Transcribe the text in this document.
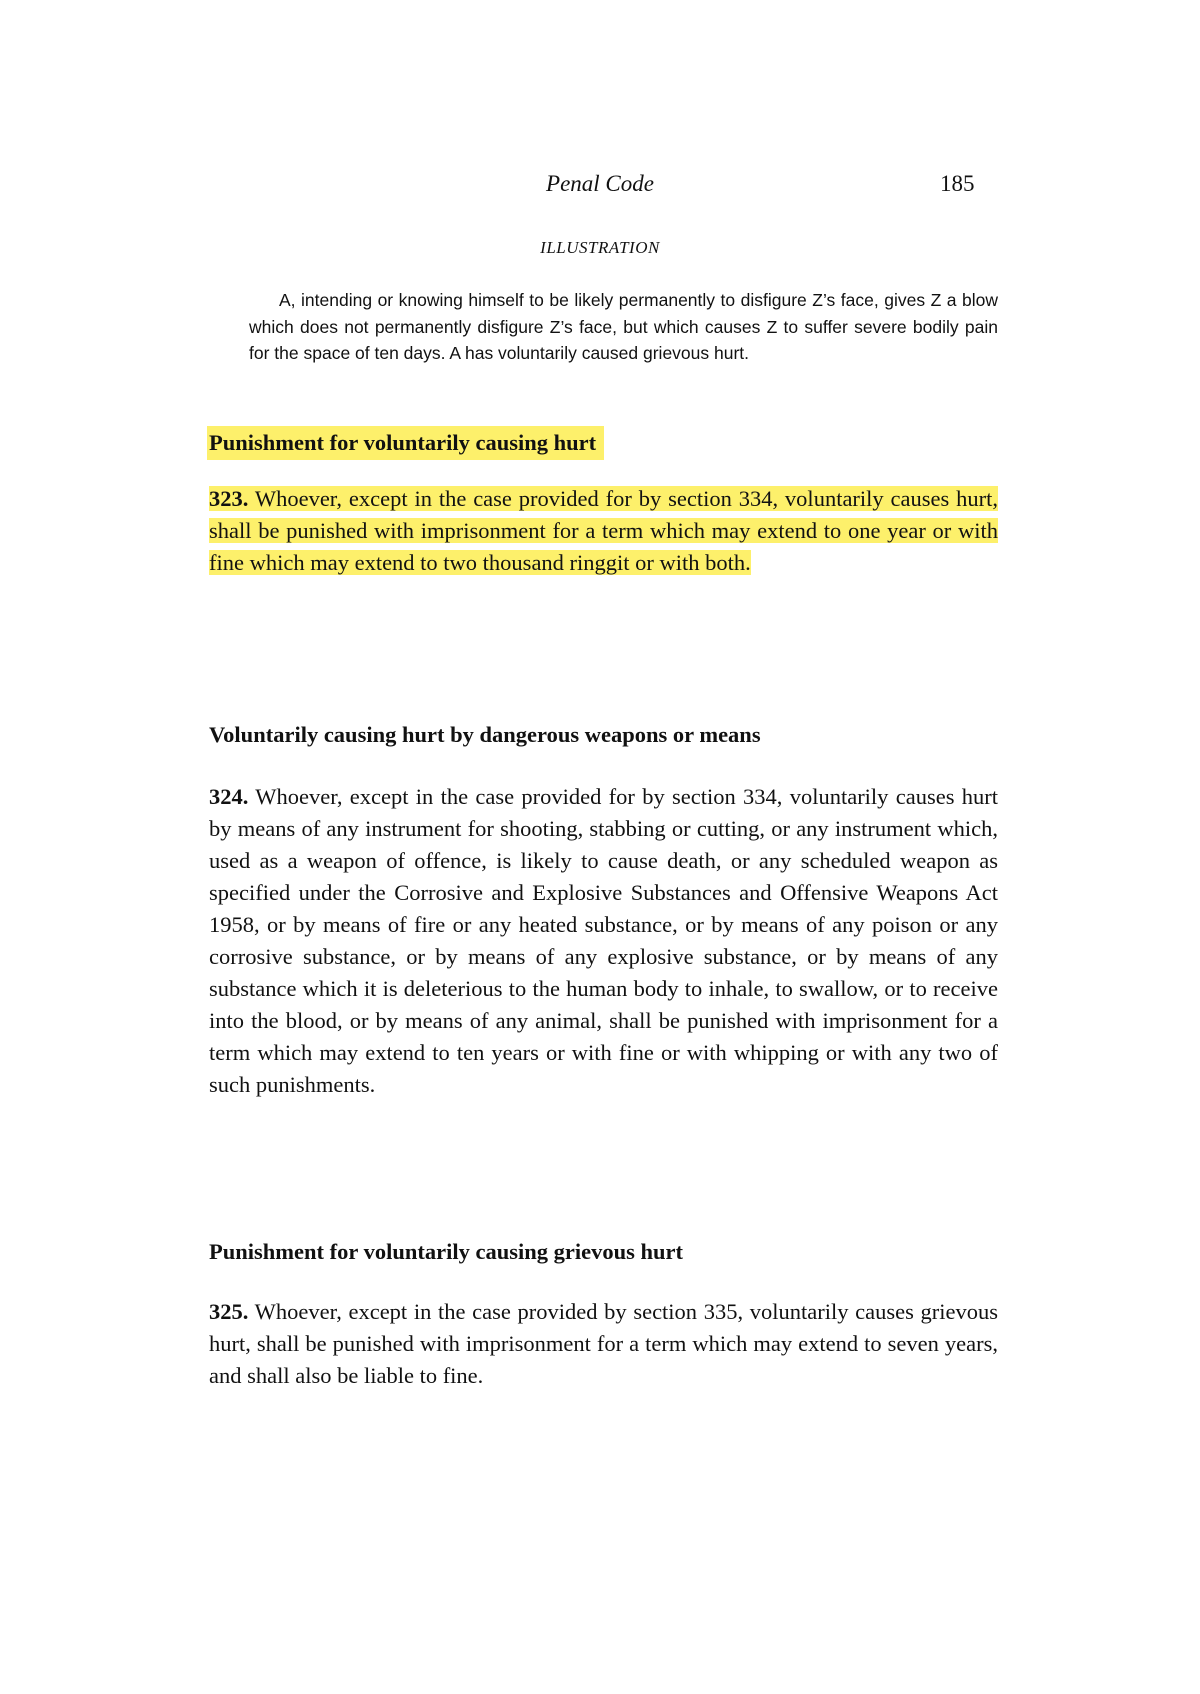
Penal Code	185
ILLUSTRATION

A, intending or knowing himself to be likely permanently to disfigure Z’s face, gives Z a blow which does not permanently disfigure Z’s face, but which causes Z to suffer severe bodily pain for the space of ten days. A has voluntarily caused grievous hurt.

Punishment for voluntarily causing hurt

323. Whoever, except in the case provided for by section 334, voluntarily causes hurt, shall be punished with imprisonment for a term which may extend to one year or with fine which may extend to two thousand ringgit or with both.

Voluntarily causing hurt by dangerous weapons or means

324. Whoever, except in the case provided for by section 334, voluntarily causes hurt by means of any instrument for shooting, stabbing or cutting, or any instrument which, used as a weapon of offence, is likely to cause death, or any scheduled weapon as specified under the Corrosive and Explosive Substances and Offensive Weapons Act 1958, or by means of fire or any heated substance, or by means of any poison or any corrosive substance, or by means of any explosive substance, or by means of any substance which it is deleterious to the human body to inhale, to swallow, or to receive into the blood, or by means of any animal, shall be punished with imprisonment for a term which may extend to ten years or with fine or with whipping or with any two of such punishments.

Punishment for voluntarily causing grievous hurt

325. Whoever, except in the case provided by section 335, voluntarily causes grievous hurt, shall be punished with imprisonment for a term which may extend to seven years, and shall also be liable to fine.
